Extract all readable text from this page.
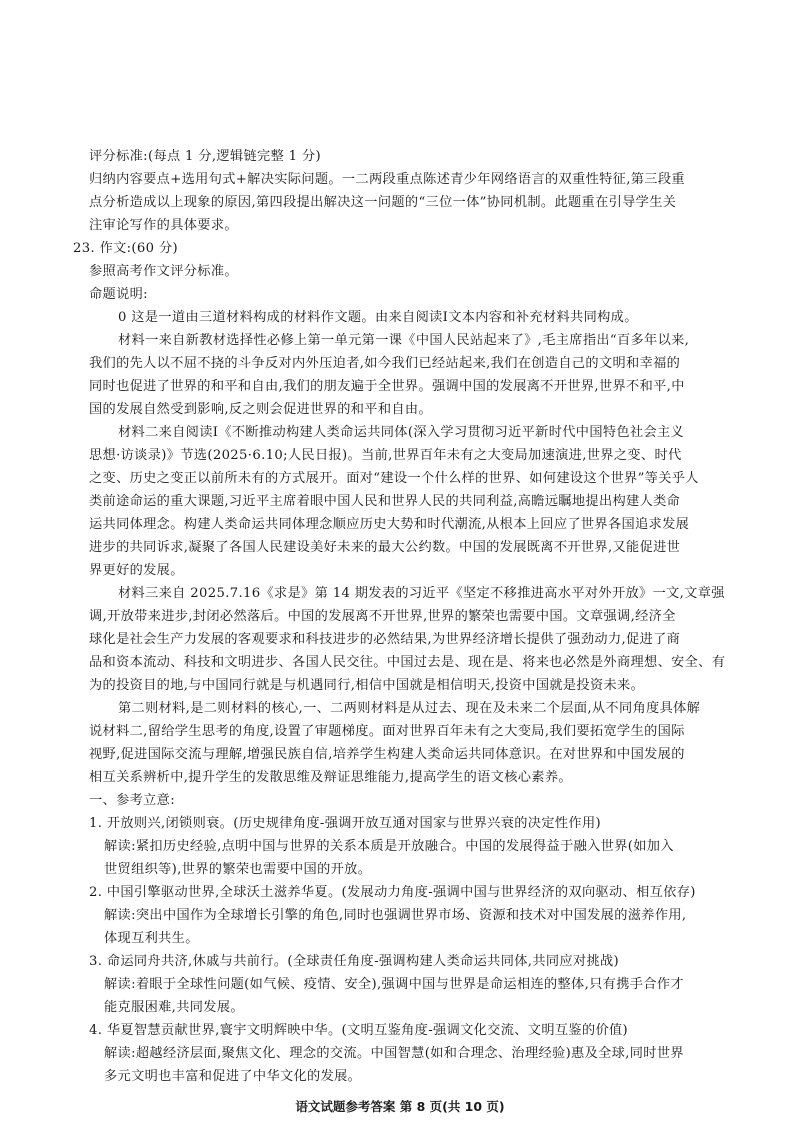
评分标准:(每点 1 分,逻辑链完整 1 分)
归纳内容要点+选用句式+解决实际问题。一二两段重点陈述青少年网络语言的双重性特征,第三段重
点分析造成以上现象的原因,第四段提出解决这一问题的“三位一体”协同机制。此题重在引导学生关
注审论写作的具体要求。
23. 作文:(60 分)
参照高考作文评分标准。
命题说明:
0 这是一道由三道材料构成的材料作文题。由来自阅读Ⅰ文本内容和补充材料共同构成。
材料一来自新教材选择性必修上第一单元第一课《中国人民站起来了》,毛主席指出“百多年以来,
我们的先人以不屈不挠的斗争反对内外压迫者,如今我们已经站起来,我们在创造自己的文明和幸福的
同时也促进了世界的和平和自由,我们的朋友遍于全世界。强调中国的发展离不开世界,世界不和平,中
国的发展自然受到影响,反之则会促进世界的和平和自由。
材料二来自阅读Ⅰ《不断推动构建人类命运共同体(深入学习贯彻习近平新时代中国特色社会主义
思想·访谈录)》节选(2025·6.10;人民日报)。当前,世界百年未有之大变局加速演进,世界之变、时代
之变、历史之变正以前所未有的方式展开。面对“建设一个什么样的世界、如何建设这个世界”等关乎人
类前途命运的重大课题,习近平主席着眼中国人民和世界人民的共同利益,高瞻远瞩地提出构建人类命
运共同体理念。构建人类命运共同体理念顺应历史大势和时代潮流,从根本上回应了世界各国追求发展
进步的共同诉求,凝聚了各国人民建设美好未来的最大公约数。中国的发展既离不开世界,又能促进世
界更好的发展。
材料三来自 2025.7.16《求是》第 14 期发表的习近平《坚定不移推进高水平对外开放》一文,文章强
调,开放带来进步,封闭必然落后。中国的发展离不开世界,世界的繁荣也需要中国。文章强调,经济全
球化是社会生产力发展的客观要求和科技进步的必然结果,为世界经济增长提供了强劲动力,促进了商
品和资本流动、科技和文明进步、各国人民交往。中国过去是、现在是、将来也必然是外商理想、安全、有
为的投资目的地,与中国同行就是与机遇同行,相信中国就是相信明天,投资中国就是投资未来。
第二则材料,是二则材料的核心,一、二两则材料是从过去、现在及未来二个层面,从不同角度具体解
说材料二,留给学生思考的角度,设置了审题梯度。面对世界百年未有之大变局,我们要拓宽学生的国际
视野,促进国际交流与理解,增强民族自信,培养学生构建人类命运共同体意识。在对世界和中国发展的
相互关系辨析中,提升学生的发散思维及辩证思维能力,提高学生的语文核心素养。
一、参考立意:
1. 开放则兴,闭锁则衰。(历史规律角度-强调开放互通对国家与世界兴衰的决定性作用)
解读:紧扣历史经验,点明中国与世界的关系本质是开放融合。中国的发展得益于融入世界(如加入
世贸组织等),世界的繁荣也需要中国的开放。
2. 中国引擎驱动世界,全球沃土滋养华夏。(发展动力角度-强调中国与世界经济的双向驱动、相互依存)
解读:突出中国作为全球增长引擎的角色,同时也强调世界市场、资源和技术对中国发展的滋养作用,
体现互利共生。
3. 命运同舟共济,休戚与共前行。(全球责任角度-强调构建人类命运共同体,共同应对挑战)
解读:着眼于全球性问题(如气候、疫情、安全),强调中国与世界是命运相连的整体,只有携手合作才
能克服困难,共同发展。
4. 华夏智慧贡献世界,寰宇文明辉映中华。(文明互鉴角度-强调文化交流、文明互鉴的价值)
解读:超越经济层面,聚焦文化、理念的交流。中国智慧(如和合理念、治理经验)惠及全球,同时世界
多元文明也丰富和促进了中华文化的发展。
语文试题参考答案 第 8 页(共 10 页)
